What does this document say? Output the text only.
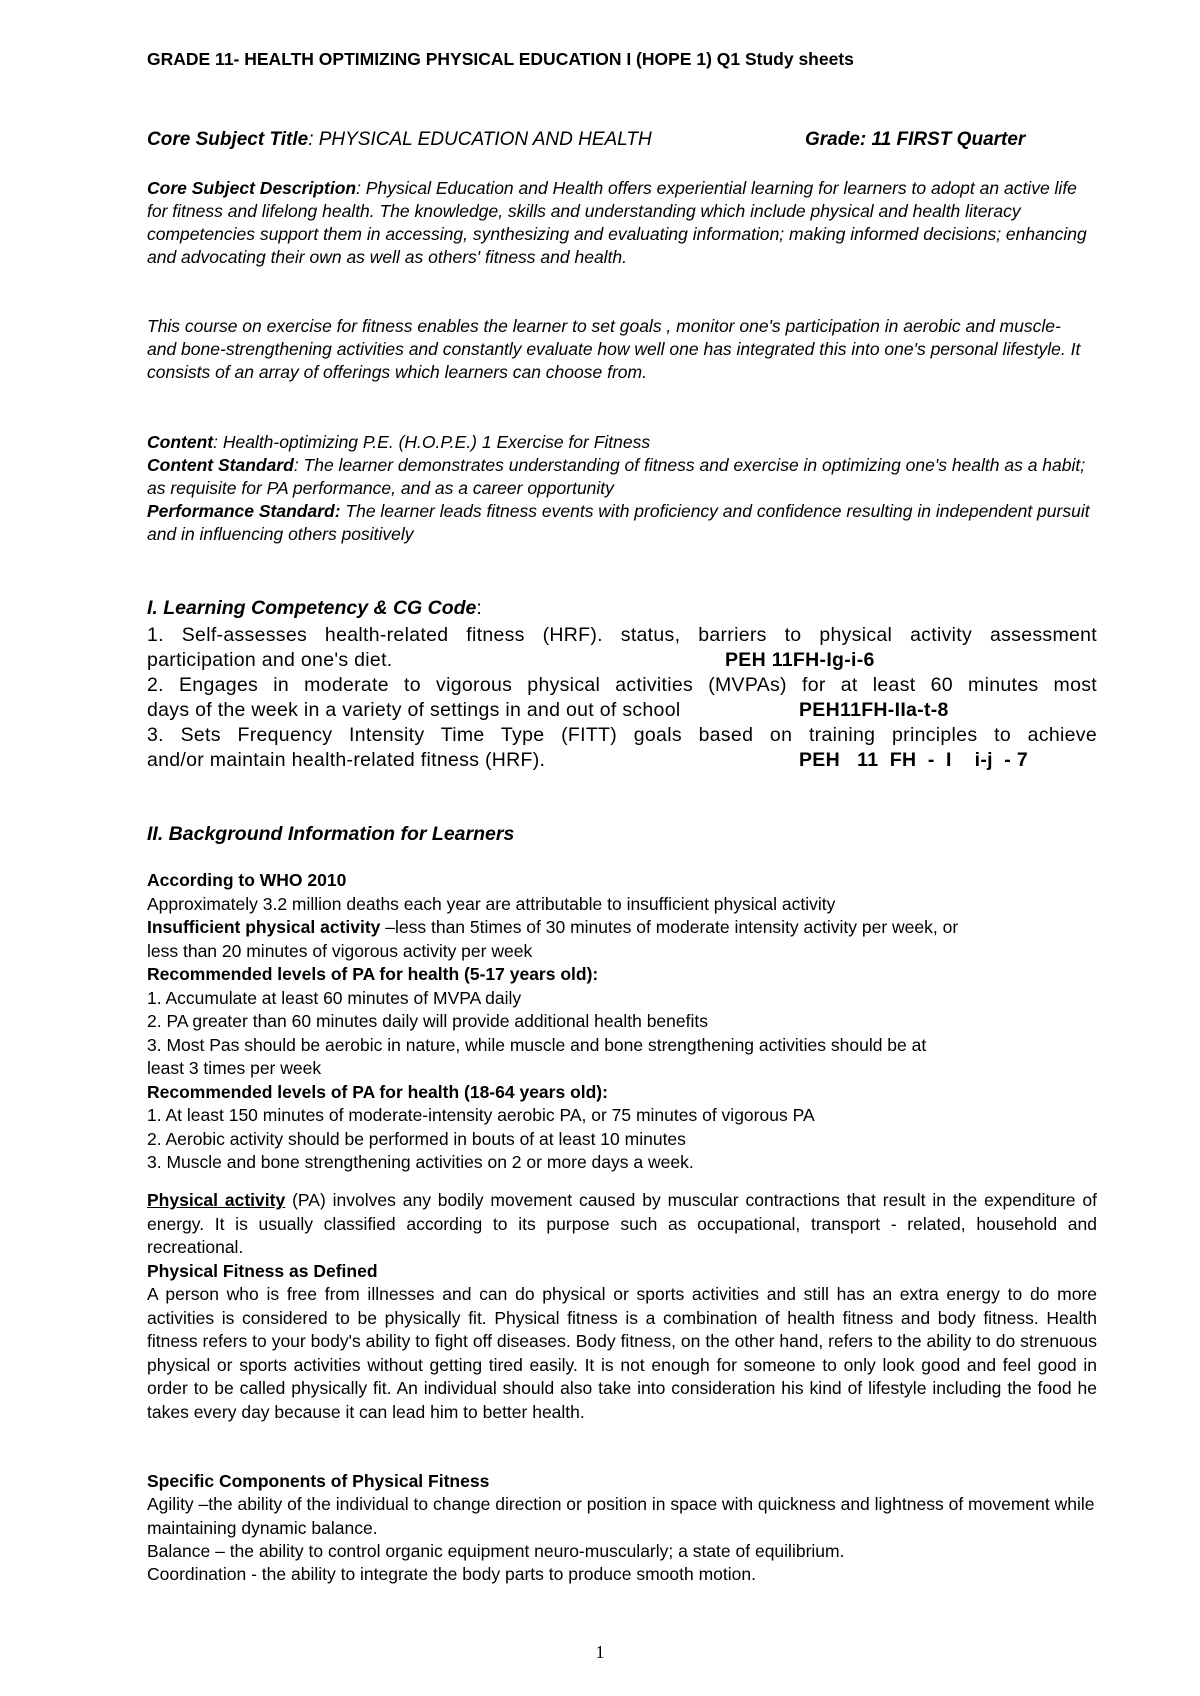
GRADE 11- HEALTH OPTIMIZING PHYSICAL EDUCATION I (HOPE 1) Q1 Study sheets
Core Subject Title: PHYSICAL EDUCATION AND HEALTH	Grade: 11 FIRST Quarter
Core Subject Description: Physical Education and Health offers experiential learning for learners to adopt an active life for fitness and lifelong health. The knowledge, skills and understanding which include physical and health literacy competencies support them in accessing, synthesizing and evaluating information; making informed decisions; enhancing and advocating their own as well as others' fitness and health.
This course on exercise for fitness enables the learner to set goals , monitor one's participation in aerobic and muscle-
and bone-strengthening activities and constantly evaluate how well one has integrated this into one's personal lifestyle. It consists of an array of offerings which learners can choose from.
Content: Health-optimizing P.E. (H.O.P.E.) 1 Exercise for Fitness
Content Standard: The learner demonstrates understanding of fitness and exercise in optimizing one's health as a habit; as requisite for PA performance, and as a career opportunity
Performance Standard: The learner leads fitness events with proficiency and confidence resulting in independent pursuit and in influencing others positively
I. Learning Competency & CG Code:
1. Self-assesses health-related fitness (HRF). status, barriers to physical activity assessment
participation and one's diet.	PEH 11FH-Ig-i-6
2. Engages in moderate to vigorous physical activities (MVPAs) for at least 60 minutes most
days of the week in a variety of settings in and out of school	PEH11FH-IIa-t-8
3. Sets Frequency Intensity Time Type (FITT) goals based on training principles to achieve
and/or maintain health-related fitness (HRF).	PEH   11  FH  -  I    i-j  - 7
II. Background Information for Learners
According to WHO 2010
Approximately 3.2 million deaths each year are attributable to insufficient physical activity
Insufficient physical activity –less than 5times of 30 minutes of moderate intensity activity per week, or
less than 20 minutes of vigorous activity per week
Recommended levels of PA for health (5-17 years old):
1. Accumulate at least 60 minutes of MVPA daily
2. PA greater than 60 minutes daily will provide additional health benefits
3. Most Pas should be aerobic in nature, while muscle and bone strengthening activities should be at
least 3 times per week
Recommended levels of PA for health (18-64 years old):
1. At least 150 minutes of moderate-intensity aerobic PA, or 75 minutes of vigorous PA
2. Aerobic activity should be performed in bouts of at least 10 minutes
3. Muscle and bone strengthening activities on 2 or more days a week.
Physical activity (PA) involves any bodily movement caused by muscular contractions that result in the expenditure of energy. It is usually classified according to its purpose such as occupational, transport - related, household and recreational.
Physical Fitness as Defined
A person who is free from illnesses and can do physical or sports activities and still has an extra energy to do more activities is considered to be physically fit. Physical fitness is a combination of health fitness and body fitness. Health fitness refers to your body's ability to fight off diseases. Body fitness, on the other hand, refers to the ability to do strenuous physical or sports activities without getting tired easily. It is not enough for someone to only look good and feel good in order to be called physically fit. An individual should also take into consideration his kind of lifestyle including the food he takes every day because it can lead him to better health.
Specific Components of Physical Fitness
Agility –the ability of the individual to change direction or position in space with quickness and lightness of movement while maintaining dynamic balance.
Balance – the ability to control organic equipment neuro-muscularly; a state of equilibrium.
Coordination - the ability to integrate the body parts to produce smooth motion.
1
